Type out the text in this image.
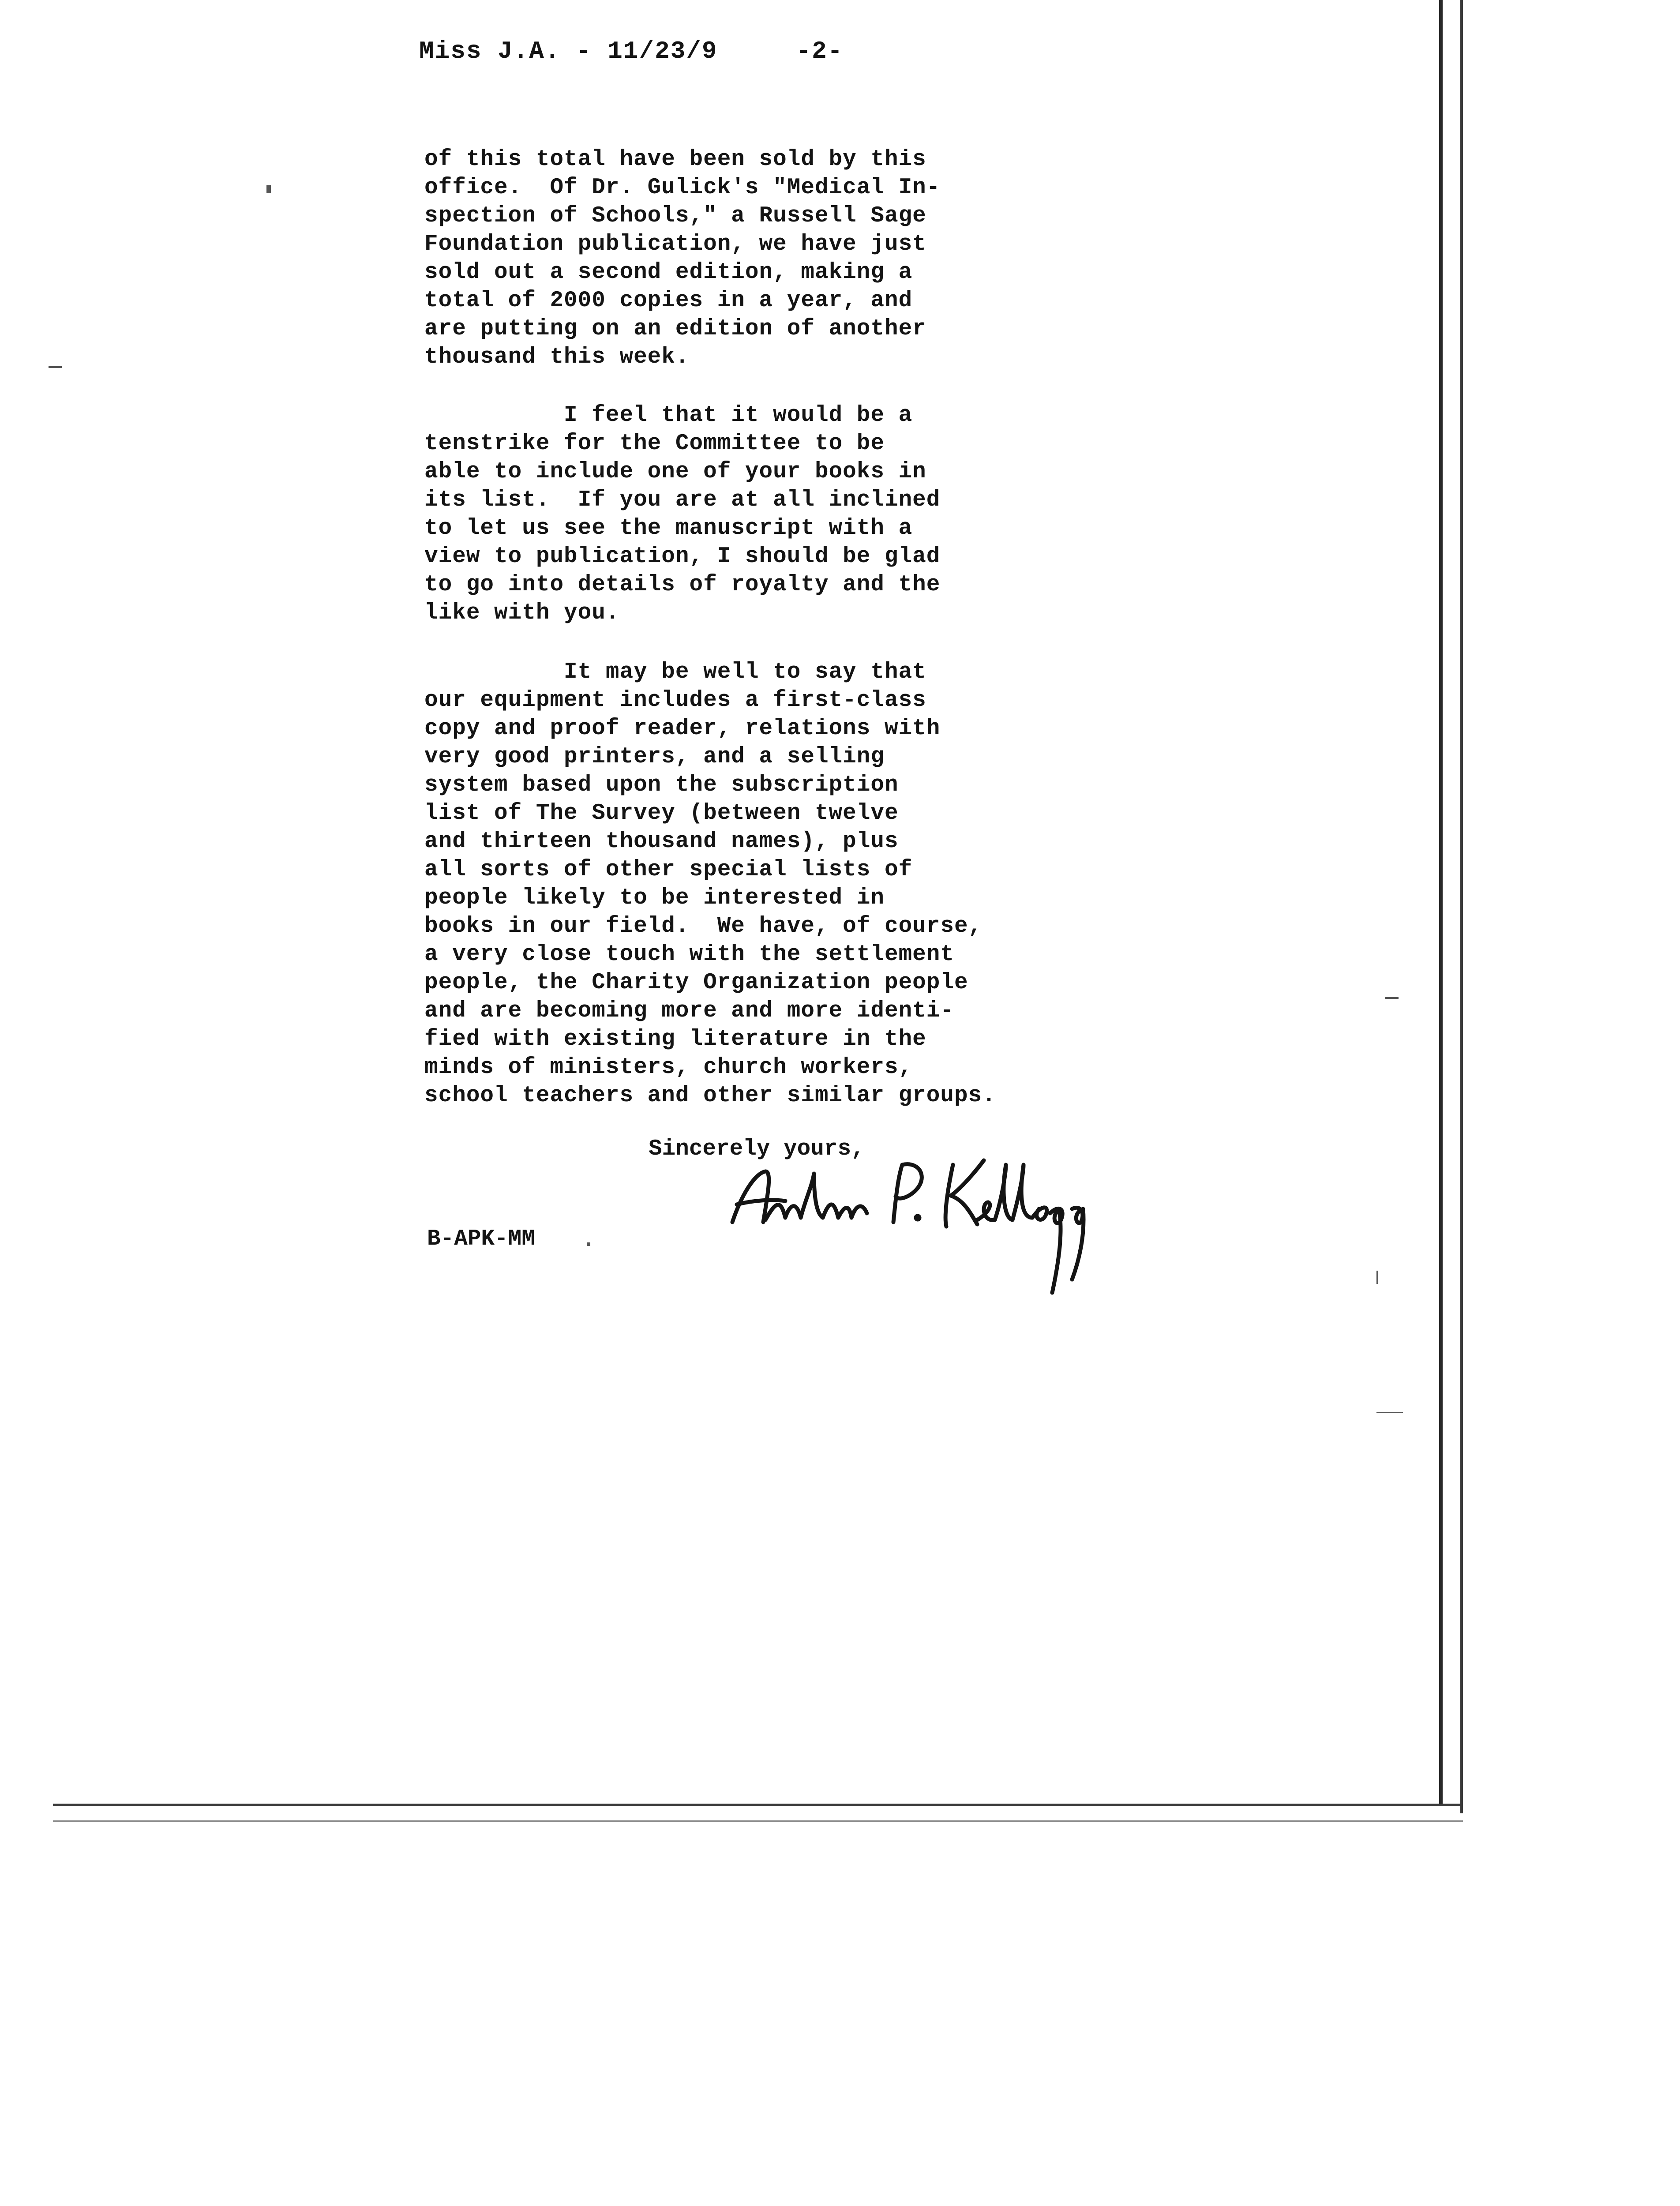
Miss J.A. - 11/23/9	-2-
of this total have been sold by this
office.  Of Dr. Gulick's "Medical In-
spection of Schools," a Russell Sage
Foundation publication, we have just
sold out a second edition, making a
total of 2000 copies in a year, and
are putting on an edition of another
thousand this week.
I feel that it would be a
tenstrike for the Committee to be
able to include one of your books in
its list.  If you are at all inclined
to let us see the manuscript with a
view to publication, I should be glad
to go into details of royalty and the
like with you.
It may be well to say that
our equipment includes a first-class
copy and proof reader, relations with
very good printers, and a selling
system based upon the subscription
list of The Survey (between twelve
and thirteen thousand names), plus
all sorts of other special lists of
people likely to be interested in
books in our field.  We have, of course,
a very close touch with the settlement
people, the Charity Organization people
and are becoming more and more identi-
fied with existing literature in the
minds of ministers, church workers,
school teachers and other similar groups.
Sincerely yours,
B-APK-MM
